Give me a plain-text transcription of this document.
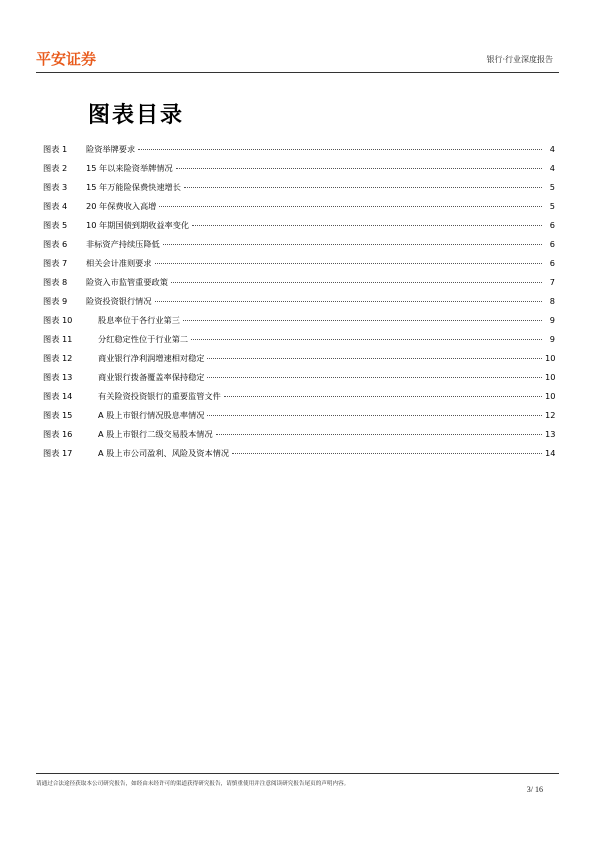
平安证券	银行·行业深度报告
图表目录
图表 1	险资举牌要求	4
图表 2	15 年以来险资举牌情况	4
图表 3	15 年万能险保费快速增长	5
图表 4	20 年保费收入高增	5
图表 5	10 年期国债到期收益率变化	6
图表 6	非标资产持续压降低	6
图表 7	相关会计准则要求	6
图表 8	险资入市监管重要政策	7
图表 9	险资投资银行情况	8
图表 10	股息率位于各行业第三	9
图表 11	分红稳定性位于行业第二	9
图表 12	商业银行净利润增速相对稳定	10
图表 13	商业银行拨备覆盖率保持稳定	10
图表 14	有关险资投资银行的重要监管文件	10
图表 15	A 股上市银行情况股息率情况	12
图表 16	A 股上市银行二级交易股本情况	13
图表 17	A 股上市公司盈利、风险及资本情况	14
请通过合法途径获取本公司研究报告，如经由未经许可的渠道获得研究报告，请慎重使用并注意阅读研究报告尾页的声明内容。
3/ 16
